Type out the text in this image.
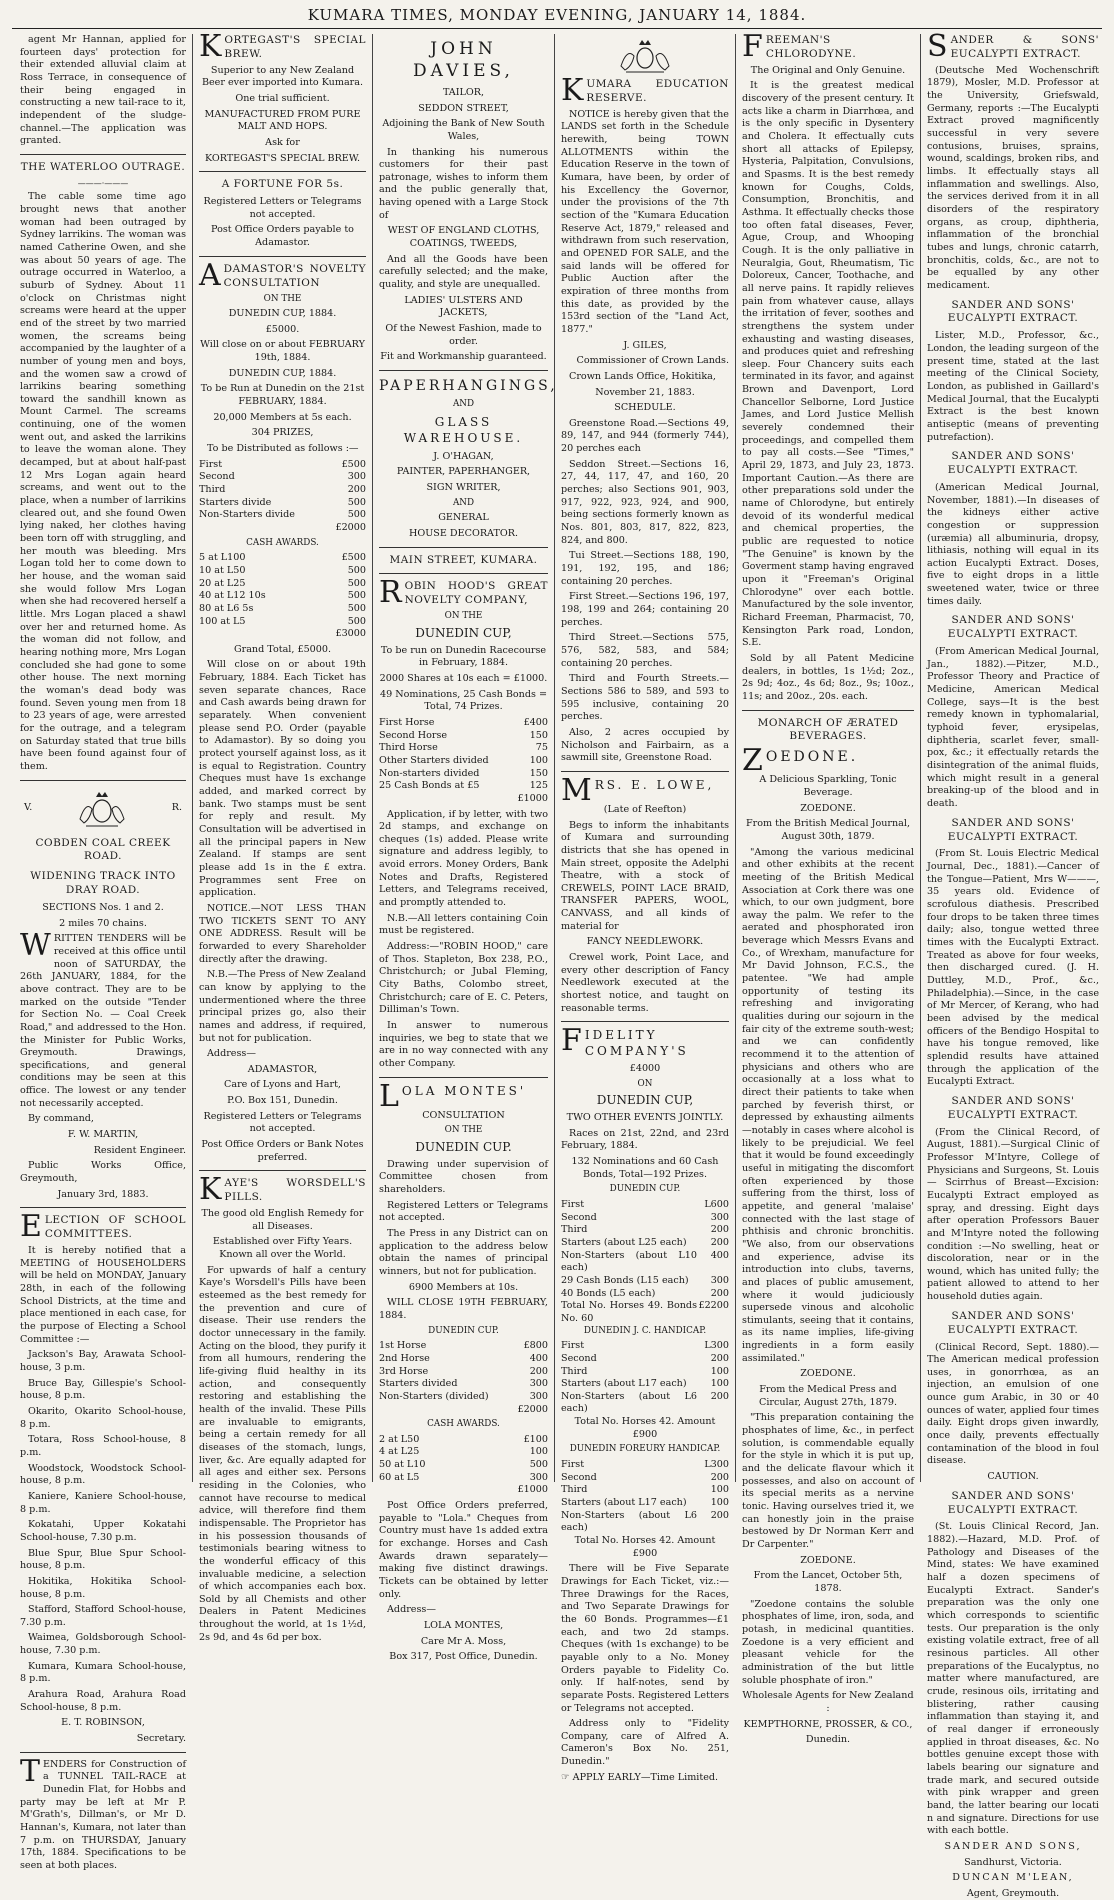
KUMARA TIMES, MONDAY EVENING, JANUARY 14, 1884.

agent Mr Hannan, applied for fourteen days' protection for their extended alluvial claim at Ross Terrace, in consequence of their being engaged in constructing a new tail-race to it, independent of the sludge-channel.—The application was granted.

THE WATERLOO OUTRAGE.

———·———

The cable some time ago brought news that another woman had been outraged by Sydney larrikins. The woman was named Catherine Owen, and she was about 50 years of age. The outrage occurred in Waterloo, a suburb of Sydney. About 11 o'clock on Christmas night screams were heard at the upper end of the street by two married women, the screams being accompanied by the laughter of a number of young men and boys, and the women saw a crowd of larrikins bearing something toward the sandhill known as Mount Carmel. The screams continuing, one of the women went out, and asked the larrikins to leave the woman alone. They decamped, but at about half-past 12 Mrs Logan again heard screams, and went out to the place, when a number of larrikins cleared out, and she found Owen lying naked, her clothes having been torn off with struggling, and her mouth was bleeding. Mrs Logan told her to come down to her house, and the woman said she would follow Mrs Logan when she had recovered herself a little. Mrs Logan placed a shawl over her and returned home. As the woman did not follow, and hearing nothing more, Mrs Logan concluded she had gone to some other house. The next morning the woman's dead body was found. Seven young men from 18 to 23 years of age, were arrested for the outrage, and a telegram on Saturday stated that true bills have been found against four of them.

V.	R.

COBDEN COAL CREEK ROAD.

WIDENING TRACK INTO DRAY ROAD.

SECTIONS Nos. 1 and 2.

2 miles 70 chains.

WRITTEN TENDERS will be received at this office until noon of SATURDAY, the 26th JANUARY, 1884, for the above contract. They are to be marked on the outside "Tender for Section No. — Coal Creek Road," and addressed to the Hon. the Minister for Public Works, Greymouth. Drawings, specifications, and general conditions may be seen at this office. The lowest or any tender not necessarily accepted.

By command,

F. W. MARTIN,

Resident Engineer.

Public Works Office, Greymouth,

January 3rd, 1883.

ELECTION OF SCHOOL COMMITTEES.

It is hereby notified that a MEETING of HOUSEHOLDERS will be held on MONDAY, January 28th, in each of the following School Districts, at the time and place mentioned in each case, for the purpose of Electing a School Committee :—

Jackson's Bay, Arawata School-house, 3 p.m.

Bruce Bay, Gillespie's School-house, 8 p.m.

Okarito, Okarito School-house, 8 p.m.

Totara, Ross School-house, 8 p.m.

Woodstock, Woodstock School-house, 8 p.m.

Kaniere, Kaniere School-house, 8 p.m.

Kokatahi, Upper Kokatahi School-house, 7.30 p.m.

Blue Spur, Blue Spur School-house, 8 p.m.

Hokitika, Hokitika School-house, 8 p.m.

Stafford, Stafford School-house, 7.30 p.m.

Waimea, Goldsborough School-house, 7.30 p.m.

Kumara, Kumara School-house, 8 p.m.

Arahura Road, Arahura Road School-house, 8 p.m.

E. T. ROBINSON,

Secretary.

TENDERS for Construction of a TUNNEL TAIL-RACE at Dunedin Flat, for Hobbs and party may be left at Mr P. M'Grath's, Dillman's, or Mr D. Hannan's, Kumara, not later than 7 p.m. on THURSDAY, January 17th, 1884. Specifications to be seen at both places.

KORTEGAST'S SPECIAL BREW.

Superior to any New Zealand Beer ever imported into Kumara.

One trial sufficient.

MANUFACTURED FROM PURE MALT AND HOPS.

Ask for

KORTEGAST'S SPECIAL BREW.

A FORTUNE FOR 5s.

Registered Letters or Telegrams not accepted.

Post Office Orders payable to Adamastor.

ADAMASTOR'S NOVELTY CONSULTATION

ON THE

DUNEDIN CUP, 1884.

£5000.

Will close on or about FEBRUARY 19th, 1884.

DUNEDIN CUP, 1884.

To be Run at Dunedin on the 21st FEBRUARY, 1884.

20,000 Members at 5s each.

304 PRIZES,

To be Distributed as follows :—

First	£500
Second	300
Third	200
Starters divide	500
Non-Starters divide	500

£2000

CASH AWARDS.

5 at L100	£500
10 at L50	500
20 at L25	500
40 at L12 10s	500
80 at L6 5s	500
100 at L5	500

£3000

Grand Total, £5000.

Will close on or about 19th February, 1884. Each Ticket has seven separate chances, Race and Cash awards being drawn for separately. When convenient please send P.O. Order (payable to Adamastor). By so doing you protect yourself against loss, as it is equal to Registration. Country Cheques must have 1s exchange added, and marked correct by bank. Two stamps must be sent for reply and result. My Consultation will be advertised in all the principal papers in New Zealand. If stamps are sent please add 1s in the £ extra. Programmes sent Free on application.

NOTICE.—NOT LESS THAN TWO TICKETS SENT TO ANY ONE ADDRESS. Result will be forwarded to every Shareholder directly after the drawing.

N.B.—The Press of New Zealand can know by applying to the undermentioned where the three principal prizes go, also their names and address, if required, but not for publication.

Address—

ADAMASTOR,

Care of Lyons and Hart,

P.O. Box 151, Dunedin.

Registered Letters or Telegrams not accepted.

Post Office Orders or Bank Notes preferred.

KAYE'S WORSDELL'S PILLS.

The good old English Remedy for all Diseases.

Established over Fifty Years. Known all over the World.

For upwards of half a century Kaye's Worsdell's Pills have been esteemed as the best remedy for the prevention and cure of disease. Their use renders the doctor unnecessary in the family. Acting on the blood, they purify it from all humours, rendering the life-giving fluid healthy in its action, and consequently restoring and establishing the health of the invalid. These Pills are invaluable to emigrants, being a certain remedy for all diseases of the stomach, lungs, liver, &c. Are equally adapted for all ages and either sex. Persons residing in the Colonies, who cannot have recourse to medical advice, will therefore find them indispensable. The Proprietor has in his possession thousands of testimonials bearing witness to the wonderful efficacy of this invaluable medicine, a selection of which accompanies each box. Sold by all Chemists and other Dealers in Patent Medicines throughout the world, at 1s 1½d, 2s 9d, and 4s 6d per box.

JOHN DAVIES,

TAILOR,

SEDDON STREET,

Adjoining the Bank of New South Wales,

In thanking his numerous customers for their past patronage, wishes to inform them and the public generally that, having opened with a Large Stock of

WEST OF ENGLAND CLOTHS, COATINGS, TWEEDS,

And all the Goods have been carefully selected; and the make, quality, and style are unequalled.

LADIES' ULSTERS AND JACKETS,

Of the Newest Fashion, made to order.

Fit and Workmanship guaranteed.

PAPERHANGINGS,

AND

GLASS WAREHOUSE.

J. O'HAGAN,

PAINTER, PAPERHANGER,

SIGN WRITER,

AND

GENERAL

HOUSE DECORATOR.

MAIN STREET, KUMARA.

ROBIN HOOD'S GREAT NOVELTY COMPANY,

ON THE

DUNEDIN CUP,

To be run on Dunedin Racecourse in February, 1884.

2000 Shares at 10s each = £1000.

49 Nominations, 25 Cash Bonds = Total, 74 Prizes.

First Horse	£400
Second Horse	150
Third Horse	75
Other Starters divided	100
Non-starters divided	150
25 Cash Bonds at £5	125

£1000

Application, if by letter, with two 2d stamps, and exchange on cheques (1s) added. Please write signature and address legibly, to avoid errors. Money Orders, Bank Notes and Drafts, Registered Letters, and Telegrams received, and promptly attended to.

N.B.—All letters containing Coin must be registered.

Address:—"ROBIN HOOD," care of Thos. Stapleton, Box 238, P.O., Christchurch; or Jubal Fleming, City Baths, Colombo street, Christchurch; care of E. C. Peters, Dilliman's Town.

In answer to numerous inquiries, we beg to state that we are in no way connected with any other Company.

LOLA MONTES'

CONSULTATION

ON THE

DUNEDIN CUP.

Drawing under supervision of Committee chosen from shareholders.

Registered Letters or Telegrams not accepted.

The Press in any District can on application to the address below obtain the names of principal winners, but not for publication.

6900 Members at 10s.

WILL CLOSE 19TH FEBRUARY, 1884.

DUNEDIN CUP.

1st Horse	£800
2nd Horse	400
3rd Horse	200
Starters divided	300
Non-Starters (divided)	300

£2000

CASH AWARDS.

2 at L50	£100
4 at L25	100
50 at L10	500
60 at L5	300

£1000

Post Office Orders preferred, payable to "Lola." Cheques from Country must have 1s added extra for exchange. Horses and Cash Awards drawn separately—making five distinct drawings. Tickets can be obtained by letter only.

Address—

LOLA MONTES,

Care Mr A. Moss,

Box 317, Post Office, Dunedin.

KUMARA EDUCATION RESERVE.

NOTICE is hereby given that the LANDS set forth in the Schedule herewith, being TOWN ALLOTMENTS within the Education Reserve in the town of Kumara, have been, by order of his Excellency the Governor, under the provisions of the 7th section of the "Kumara Education Reserve Act, 1879," released and withdrawn from such reservation, and OPENED FOR SALE, and the said lands will be offered for Public Auction after the expiration of three months from this date, as provided by the 153rd section of the "Land Act, 1877."

J. GILES,

Commissioner of Crown Lands.

Crown Lands Office, Hokitika,

November 21, 1883.

SCHEDULE.

Greenstone Road.—Sections 49, 89, 147, and 944 (formerly 744), 20 perches each

Seddon Street.—Sections 16, 27, 44, 117, 47, and 160, 20 perches; also Sections 901, 903, 917, 922, 923, 924, and 900, being sections formerly known as Nos. 801, 803, 817, 822, 823, 824, and 800.

Tui Street.—Sections 188, 190, 191, 192, 195, and 186; containing 20 perches.

First Street.—Sections 196, 197, 198, 199 and 264; containing 20 perches.

Third Street.—Sections 575, 576, 582, 583, and 584; containing 20 perches.

Third and Fourth Streets.—Sections 586 to 589, and 593 to 595 inclusive, containing 20 perches.

Also, 2 acres occupied by Nicholson and Fairbairn, as a sawmill site, Greenstone Road.

MRS. E. LOWE,

(Late of Reefton)

Begs to inform the inhabitants of Kumara and surrounding districts that she has opened in Main street, opposite the Adelphi Theatre, with a stock of CREWELS, POINT LACE BRAID, TRANSFER PAPERS, WOOL, CANVASS, and all kinds of material for

FANCY NEEDLEWORK.

Crewel work, Point Lace, and every other description of Fancy Needlework executed at the shortest notice, and taught on reasonable terms.

FIDELITY COMPANY'S

£4000

ON

DUNEDIN CUP,

TWO OTHER EVENTS JOINTLY.

Races on 21st, 22nd, and 23rd February, 1884.

132 Nominations and 60 Cash Bonds, Total—192 Prizes.

DUNEDIN CUP.

First	L600
Second	300
Third	200
Starters (about L25 each)	200
Non-Starters (about L10 each)
400
29 Cash Bonds (L15 each)	300
40 Bonds (L5 each)	200
Total No. Horses 49. Bonds No. 60
£2200

DUNEDIN J. C. HANDICAP.

First	L300
Second	200
Third	100
Starters (about L17 each)	100
Non-Starters (about L6 each)
200

Total No. Horses 42. Amount £900

DUNEDIN FOREURY HANDICAP.

First	L300
Second	200
Third	100
Starters (about L17 each)	100
Non-Starters (about L6 each)
200

Total No. Horses 42. Amount £900

There will be Five Separate Drawings for Each Ticket, viz.:—Three Drawings for the Races, and Two Separate Drawings for the 60 Bonds. Programmes—£1 each, and two 2d stamps. Cheques (with 1s exchange) to be payable only to a No. Money Orders payable to Fidelity Co. only. If half-notes, send by separate Posts. Registered Letters or Telegrams not accepted.

Address only to "Fidelity Company, care of Alfred A. Cameron's Box No. 251, Dunedin."

☞ APPLY EARLY—Time Limited.

FREEMAN'S CHLORODYNE.

The Original and Only Genuine.

It is the greatest medical discovery of the present century. It acts like a charm in Diarrhœa, and is the only specific in Dysentery and Cholera. It effectually cuts short all attacks of Epilepsy, Hysteria, Palpitation, Convulsions, and Spasms. It is the best remedy known for Coughs, Colds, Consumption, Bronchitis, and Asthma. It effectually checks those too often fatal diseases, Fever, Ague, Croup, and Whooping Cough. It is the only palliative in Neuralgia, Gout, Rheumatism, Tic Doloreux, Cancer, Toothache, and all nerve pains. It rapidly relieves pain from whatever cause, allays the irritation of fever, soothes and strengthens the system under exhausting and wasting diseases, and produces quiet and refreshing sleep. Four Chancery suits each terminated in its favor, and against Brown and Davenport, Lord Chancellor Selborne, Lord Justice James, and Lord Justice Mellish severely condemned their proceedings, and compelled them to pay all costs.—See "Times," April 29, 1873, and July 23, 1873. Important Caution.—As there are other preparations sold under the name of Chlorodyne, but entirely devoid of its wonderful medical and chemical properties, the public are requested to notice "The Genuine" is known by the Goverment stamp having engraved upon it "Freeman's Original Chlorodyne" over each bottle. Manufactured by the sole inventor, Richard Freeman, Pharmacist, 70, Kensington Park road, London, S.E.

Sold by all Patent Medicine dealers, in bottles, 1s 1½d; 2oz., 2s 9d; 4oz., 4s 6d; 8oz., 9s; 10oz., 11s; and 20oz., 20s. each.

MONARCH OF ÆRATED BEVERAGES.

ZOEDONE.

A Delicious Sparkling, Tonic Beverage.

ZOEDONE.

From the British Medical Journal, August 30th, 1879.

"Among the various medicinal and other exhibits at the recent meeting of the British Medical Association at Cork there was one which, to our own judgment, bore away the palm. We refer to the aerated and phosphorated iron beverage which Messrs Evans and Co., of Wrexham, manufacture for Mr David Johnson, F.C.S., the patentee. "We had ample opportunity of testing its refreshing and invigorating qualities during our sojourn in the fair city of the extreme south-west; and we can confidently recommend it to the attention of physicians and others who are occasionally at a loss what to direct their patients to take when parched by feverish thirst, or depressed by exhausting ailments—notably in cases where alcohol is likely to be prejudicial. We feel that it would be found exceedingly useful in mitigating the discomfort often experienced by those suffering from the thirst, loss of appetite, and general 'malaise' connected with the last stage of phthisis and chronic bronchitis. "We also, from our observations and experience, advise its introduction into clubs, taverns, and places of public amusement, where it would judiciously supersede vinous and alcoholic stimulants, seeing that it contains, as its name implies, life-giving ingredients in a form easily assimilated."

ZOEDONE.

From the Medical Press and Circular, August 27th, 1879.

"This preparation containing the phosphates of lime, &c., in perfect solution, is commendable equally for the style in which it is put up, and the delicate flavour which it possesses, and also on account of its special merits as a nervine tonic. Having ourselves tried it, we can honestly join in the praise bestowed by Dr Norman Kerr and Dr Carpenter."

ZOEDONE.

From the Lancet, October 5th, 1878.

"Zoedone contains the soluble phosphates of lime, iron, soda, and potash, in medicinal quantities. Zoedone is a very efficient and pleasant vehicle for the administration of the but little soluble phosphate of iron."

Wholesale Agents for New Zealand :

KEMPTHORNE, PROSSER, & CO.,

Dunedin.

SANDER & SONS' EUCALYPTI EXTRACT.

(Deutsche Med Wochenschrift 1879), Mosler, M.D. Professor at the University, Griefswald, Germany, reports :—The Eucalypti Extract proved magnificently successful in very severe contusions, bruises, sprains, wound, scaldings, broken ribs, and limbs. It effectually stays all inflammation and swellings. Also, the services derived from it in all disorders of the respiratory organs, as croup, diphtheria, inflammation of the bronchial tubes and lungs, chronic catarrh, bronchitis, colds, &c., are not to be equalled by any other medicament.

SANDER AND SONS' EUCALYPTI EXTRACT.

Lister, M.D., Professor, &c., London, the leading surgeon of the present time, stated at the last meeting of the Clinical Society, London, as published in Gaillard's Medical Journal, that the Eucalypti Extract is the best known antiseptic (means of preventing putrefaction).

SANDER AND SONS' EUCALYPTI EXTRACT.

(American Medical Journal, November, 1881).—In diseases of the kidneys either active congestion or suppression (uræmia) all albuminuria, dropsy, lithiasis, nothing will equal in its action Eucalypti Extract. Doses, five to eight drops in a little sweetened water, twice or three times daily.

SANDER AND SONS' EUCALYPTI EXTRACT.

(From American Medical Journal, Jan., 1882).—Pitzer, M.D., Professor Theory and Practice of Medicine, American Medical College, says—It is the best remedy known in typhomalarial, typhoid fever, erysipelas, diphtheria, scarlet fever, small-pox, &c.; it effectually retards the disintegration of the animal fluids, which might result in a general breaking-up of the blood and in death.

SANDER AND SONS' EUCALYPTI EXTRACT.

(From St. Louis Electric Medical Journal, Dec., 1881).—Cancer of the Tongue—Patient, Mrs W———, 35 years old. Evidence of scrofulous diathesis. Prescribed four drops to be taken three times daily; also, tongue wetted three times with the Eucalypti Extract. Treated as above for four weeks, then discharged cured. (J. H. Duttley, M.D., Prof., &c., Philadelphia).—Since, in the case of Mr Mercer, of Kerang, who had been advised by the medical officers of the Bendigo Hospital to have his tongue removed, like splendid results have attained through the application of the Eucalypti Extract.

SANDER AND SONS' EUCALYPTI EXTRACT.

(From the Clinical Record, of August, 1881).—Surgical Clinic of Professor M'Intyre, College of Physicians and Surgeons, St. Louis — Scirrhus of Breast—Excision: Eucalypti Extract employed as spray, and dressing. Eight days after operation Professors Bauer and M'Intyre noted the following condition :—No swelling, heat or discoloration, near or in the wound, which has united fully; the patient allowed to attend to her household duties again.

SANDER AND SONS' EUCALYPTI EXTRACT.

(Clinical Record, Sept. 1880).—The American medical profession uses, in gonorrhœa, as an injection, an emulsion of one ounce gum Arabic, in 30 or 40 ounces of water, applied four times daily. Eight drops given inwardly, once daily, prevents effectually contamination of the blood in foul disease.

CAUTION.

SANDER AND SONS' EUCALYPTI EXTRACT.

(St. Louis Clinical Record, Jan. 1882).—Hazard, M.D. Prof. of Pathology and Diseases of the Mind, states: We have examined half a dozen specimens of Eucalypti Extract. Sander's preparation was the only one which corresponds to scientific tests. Our preparation is the only existing volatile extract, free of all resinous particles. All other preparations of the Eucalyptus, no matter where manufactured, are crude, resinous oils, irritating and blistering, rather causing inflammation than staying it, and of real danger if erroneously applied in throat diseases, &c. No bottles genuine except those with labels bearing our signature and trade mark, and secured outside with pink wrapper and green band, the latter bearing our locati n and signature. Directions for use with each bottle.

SANDER AND SONS,

Sandhurst, Victoria.

DUNCAN M'LEAN,

Agent, Greymouth.
